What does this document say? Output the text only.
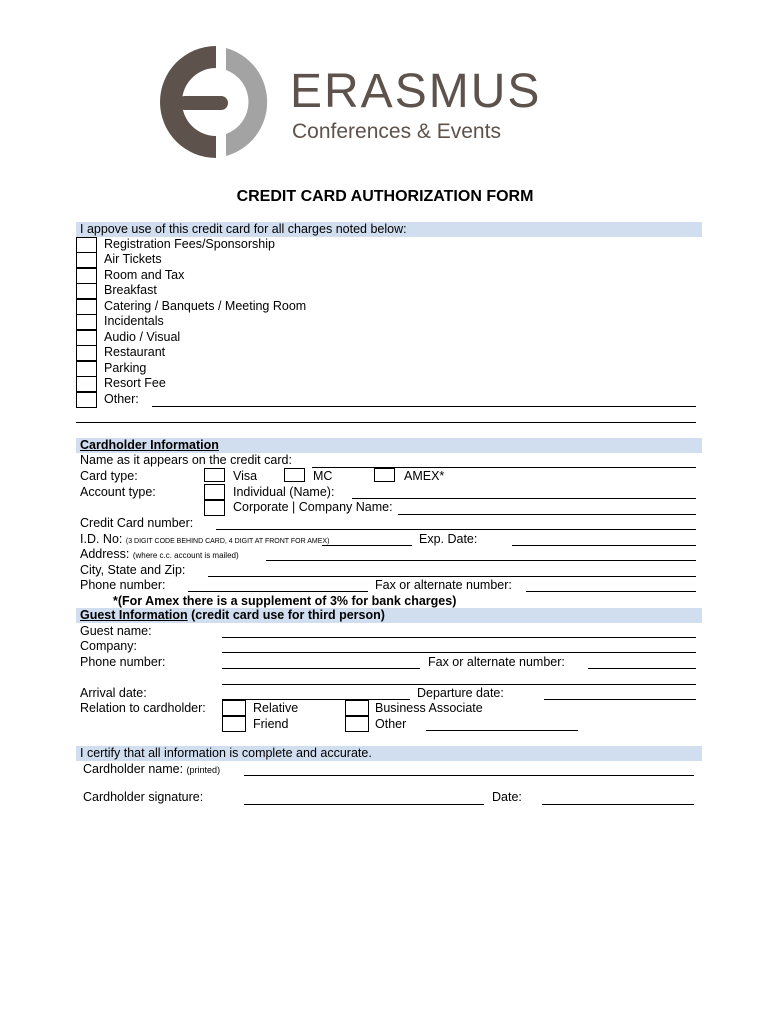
ERASMUS
Conferences & Events
CREDIT CARD AUTHORIZATION FORM
I appove use of this credit card for all charges noted below:
Registration Fees/Sponsorship
Air Tickets
Room and Tax
Breakfast
Catering / Banquets / Meeting Room
Incidentals
Audio / Visual
Restaurant
Parking
Resort Fee
Other:
Cardholder Information
Name as it appears on the credit card:
Card type:	Visa	MC	AMEX*
Account type:	Individual (Name):
Corporate | Company Name:
Credit Card number:
I.D. No: (3 DIGIT CODE BEHIND CARD, 4 DIGIT AT FRONT FOR AMEX)	Exp. Date:
Address: (where c.c. account is mailed)
City, State and Zip:
Phone number:	Fax or alternate number:
*(For Amex there is a supplement of 3% for bank charges)
Guest Information (credit card use for third person)
Guest name:
Company:
Phone number:	Fax or alternate number:
Arrival date:	Departure date:
Relation to cardholder:	Relative
Friend
Business Associate
Other
I certify that all information is complete and accurate.
Cardholder name: (printed)
Cardholder signature:	Date:
